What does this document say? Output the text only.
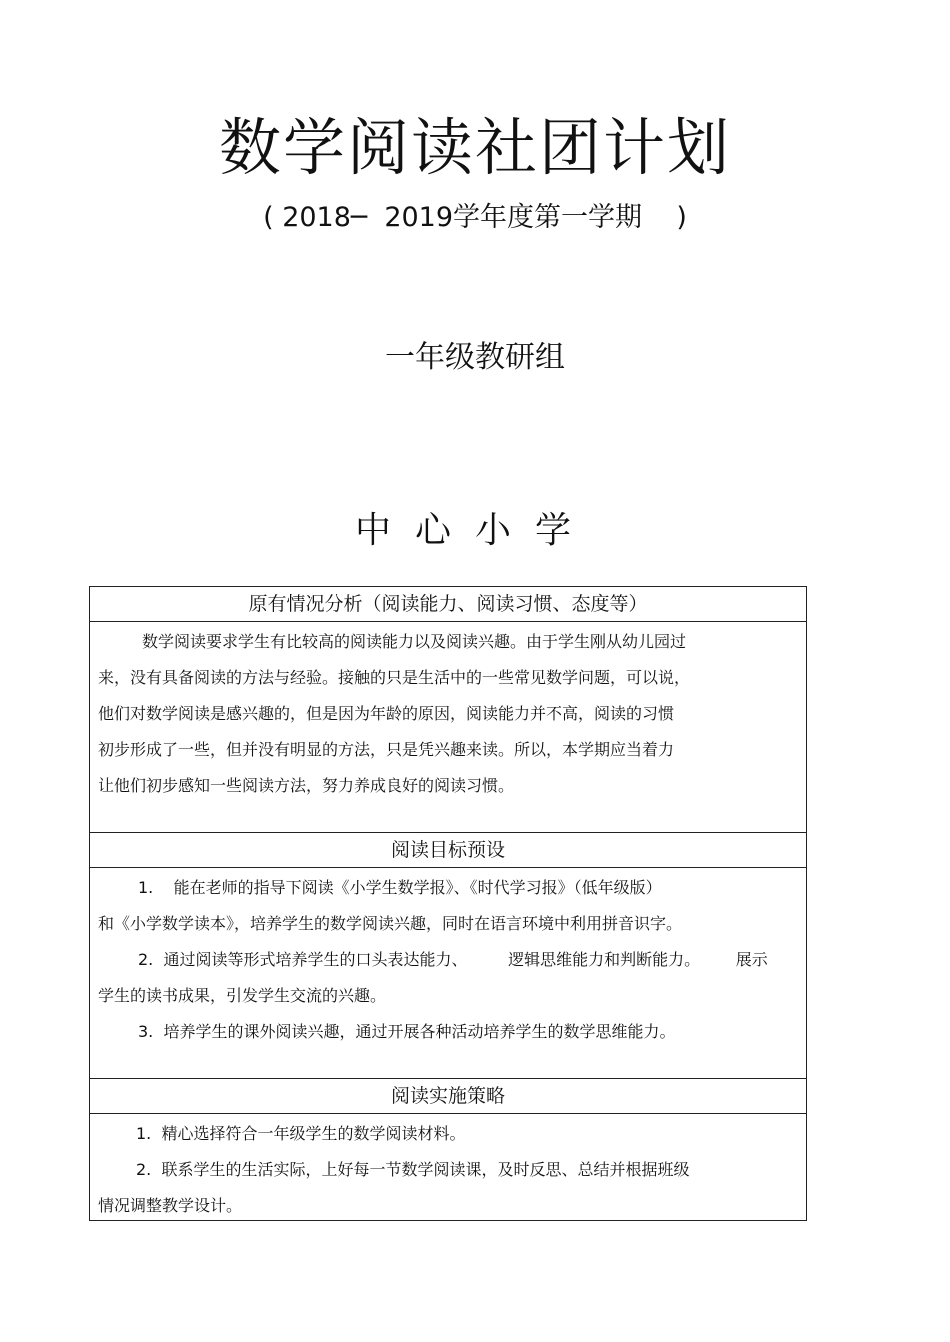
数学阅读社团计划
( 2018─  2019学年度第一学期    )
一年级教研组
中心小学
原有情况分析（阅读能力、阅读习惯、态度等）

数学阅读要求学生有比较高的阅读能力以及阅读兴趣。由于学生刚从幼儿园过

来，没有具备阅读的方法与经验。接触的只是生活中的一些常见数学问题，可以说，

他们对数学阅读是感兴趣的，但是因为年龄的原因，阅读能力并不高，阅读的习惯

初步形成了一些，但并没有明显的方法，只是凭兴趣来读。所以，本学期应当着力

让他们初步感知一些阅读方法，努力养成良好的阅读习惯。

阅读目标预设

1.    能在老师的指导下阅读《小学生数学报》、《时代学习报》（低年级版）

和《小学数学读本》，培养学生的数学阅读兴趣，同时在语言环境中利用拼音识字。

2.  通过阅读等形式培养学生的口头表达能力、        逻辑思维能力和判断能力。       展示

学生的读书成果，引发学生交流的兴趣。

3.  培养学生的课外阅读兴趣，通过开展各种活动培养学生的数学思维能力。

阅读实施策略

1.  精心选择符合一年级学生的数学阅读材料。

2.  联系学生的生活实际，上好每一节数学阅读课，及时反思、总结并根据班级

情况调整教学设计。
